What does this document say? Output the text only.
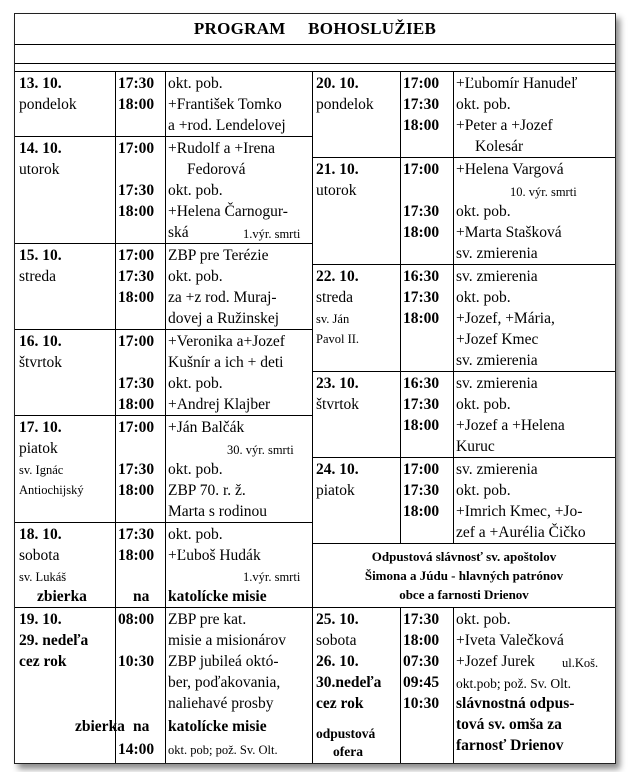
PROGRAM BOHOSLUŽIEB
13. 10.
pondelok
17:30
18:00
okt. pob.
+František Tomko
a +rod. Lendelovej
14. 10.
utorok
17:00
17:30
18:00
+Rudolf a +Irena
Fedorová
okt. pob.
+Helena Čarnogur-
ská	1.výr. smrti
15. 10.
streda
17:00
17:30
18:00
ZBP pre Terézie
okt. pob.
za +z rod. Muraj-
dovej a Ružinskej
16. 10.
štvrtok
17:00
17:30
18:00
+Veronika a+Jozef
Kušnír a ich + deti
okt. pob.
+Andrej Klajber
17. 10.
piatok
sv. Ignác
Antiochijský
17:00
17:30
18:00
+Ján Balčák
30. výr. smrti
okt. pob.
ZBP 70. r. ž.
Marta s rodinou
18. 10.
sobota
sv. Lukáš
17:30
18:00
okt. pob.
+Ľuboš Hudák
1.výr. smrti
zbierka	na katolícke misie
19. 10.
29. nedeľa
cez rok
08:00
10:30
14:00
ZBP pre kat.
misie a misionárov
ZBP jubileá októ-
ber, poďakovania,
naliehavé prosby
zbierka na katolícke misie
okt. pob; pož. Sv. Olt.
20. 10.
pondelok
17:00
17:30
18:00
+Ľubomír Hanudeľ
okt. pob.
+Peter a +Jozef
Kolesár
21. 10.
utorok
17:00
17:30
18:00
+Helena Vargová
10. výr. smrti
okt. pob.
+Marta Stašková
sv. zmierenia
22. 10.
streda
sv. Ján
Pavol II.
16:30
17:30
18:00
sv. zmierenia
okt. pob.
+Jozef, +Mária,
+Jozef Kmec
sv. zmierenia
23. 10.
štvrtok
16:30
17:30
18:00
sv. zmierenia
okt. pob.
+Jozef a +Helena
Kuruc
24. 10.
piatok
17:00
17:30
18:00
sv. zmierenia
okt. pob.
+Imrich Kmec, +Jo-
zef a +Aurélia Čičko
Odpustová slávnosť sv. apoštolov
Šimona a Júdu - hlavných patrónov
obce a farnosti Drienov
25. 10.
sobota
26. 10.
30.nedeľa
cez rok
odpustová
ofera
17:30
18:00
07:30
09:45
10:30
okt. pob.
+Iveta Valečková
+Jozef Jurek ul.Koš.
okt.pob; pož. Sv. Olt.
slávnostná odpus-
tová sv. omša za
farnosť Drienov
